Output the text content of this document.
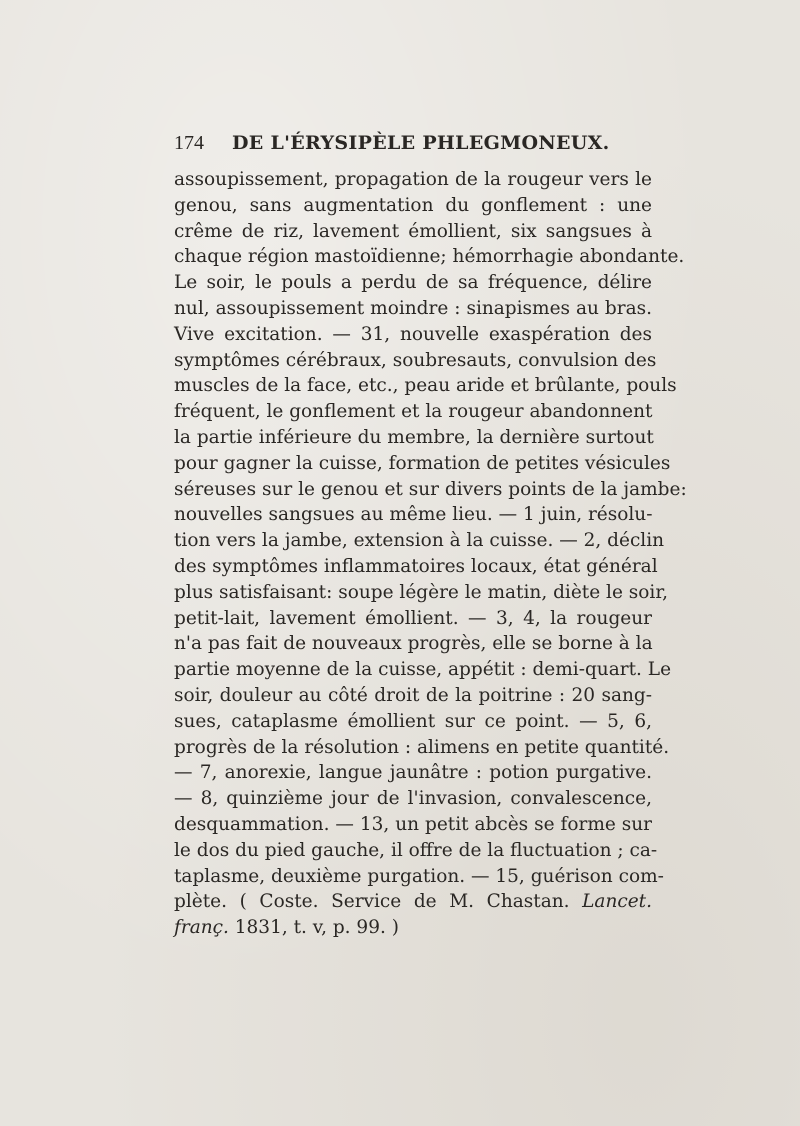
174 DE L'ÉRYSIPÈLE PHLEGMONEUX.
assoupissement, propagation de la rougeur vers le
genou, sans augmentation du gonflement : une
crême de riz, lavement émollient, six sangsues à
chaque région mastoïdienne; hémorrhagie abondante.
Le soir, le pouls a perdu de sa fréquence, délire
nul, assoupissement moindre : sinapismes au bras.
Vive excitation. — 31, nouvelle exaspération des
symptômes cérébraux, soubresauts, convulsion des
muscles de la face, etc., peau aride et brûlante, pouls
fréquent, le gonflement et la rougeur abandonnent
la partie inférieure du membre, la dernière surtout
pour gagner la cuisse, formation de petites vésicules
séreuses sur le genou et sur divers points de la jambe:
nouvelles sangsues au même lieu. — 1 juin, résolu-
tion vers la jambe, extension à la cuisse. — 2, déclin
des symptômes inflammatoires locaux, état général
plus satisfaisant: soupe légère le matin, diète le soir,
petit-lait, lavement émollient. — 3, 4, la rougeur
n'a pas fait de nouveaux progrès, elle se borne à la
partie moyenne de la cuisse, appétit : demi-quart. Le
soir, douleur au côté droit de la poitrine : 20 sang-
sues, cataplasme émollient sur ce point. — 5, 6,
progrès de la résolution : alimens en petite quantité.
— 7, anorexie, langue jaunâtre : potion purgative.
— 8, quinzième jour de l'invasion, convalescence,
desquammation. — 13, un petit abcès se forme sur
le dos du pied gauche, il offre de la fluctuation ; ca-
taplasme, deuxième purgation. — 15, guérison com-
plète. ( Coste. Service de M. Chastan. Lancet.
franç. 1831, t. v, p. 99. )
